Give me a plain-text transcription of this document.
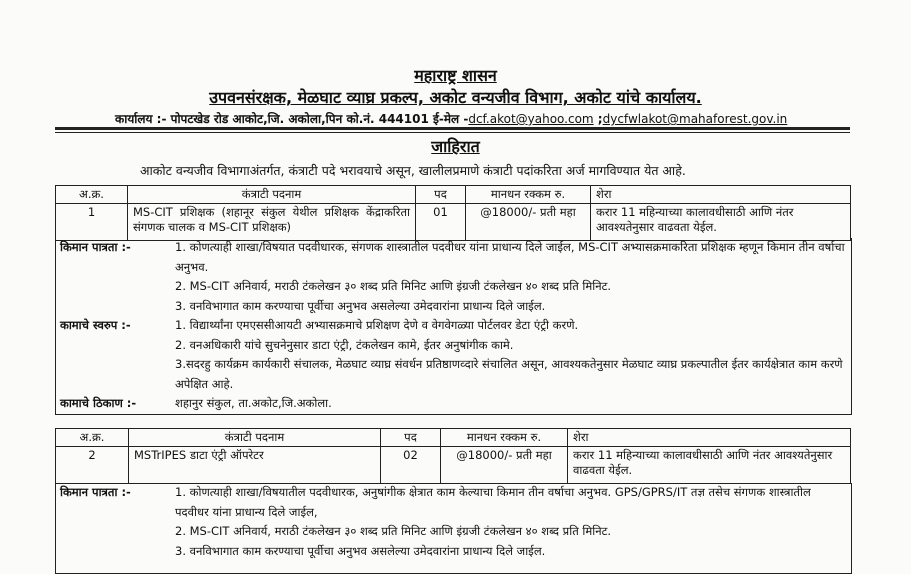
महाराष्ट्र शासन
उपवनसंरक्षक, मेळघाट व्याघ्र प्रकल्प, अकोट वन्यजीव विभाग, अकोट यांचे कार्यालय.
कार्यालय :- पोपटखेड रोड आकोट,जि. अकोला,पिन को.नं. 444101 ई-मेल -dcf.akot@yahoo.com ;dycfwlakot@mahaforest.gov.in
जाहिरात
आकोट वन्यजीव विभागाअंतर्गत, कंत्राटी पदे भरावयाचे असून, खालीलप्रमाणे कंत्राटी पदांकरिता अर्ज मागविण्यात येत आहे.
अ.क्र.	कंत्राटी पदनाम	पद	मानधन रक्कम रु.	शेरा
1	MS-CIT प्रशिक्षक (शहानूर संकुल येथील प्रशिक्षक केंद्राकरिता संगणक चालक व MS-CIT प्रशिक्षक)	01	@18000/- प्रती महा	करार 11 महिन्याच्या कालावधीसाठी आणि नंतर आवश्यतेनुसार वाढवता येईल.
किमान पात्रता :-	1. कोणत्याही शाखा/विषयात पदवीधारक, संगणक शास्त्रातील पदवीधर यांना प्राधान्य दिले जाईल, MS-CIT अभ्यासक्रमाकरिता प्रशिक्षक म्हणून किमान तीन वर्षाचा अनुभव.
2. MS-CIT अनिवार्य, मराठी टंकलेखन ३० शब्द प्रति मिनिट आणि इंग्रजी टंकलेखन ४० शब्द प्रति मिनिट.
3. वनविभागात काम करण्याचा पूर्वीचा अनुभव असलेल्या उमेदवारांना प्राधान्य दिले जाईल.
कामाचे स्वरुप :-	1. विद्यार्थ्यांना एमएससीआयटी अभ्यासक्रमाचे प्रशिक्षण देणे व वेगवेगळ्या पोर्टलवर डेटा एंट्री करणे.
2. वनअधिकारी यांचे सुचनेनुसार डाटा एंट्री, टंकलेखन कामे, ईतर अनुषांगीक कामे.
3.सदरहु कार्यक्रम कार्यकारी संचालक, मेळघाट व्याघ्र संवर्धन प्रतिष्ठाणव्दारे संचालित असून, आवश्यकतेनुसार मेळघाट व्याघ्र प्रकल्पातील ईतर कार्यक्षेत्रात काम करणे अपेक्षित आहे.
कामाचे ठिकाण :-	शहानुर संकुल, ता.अकोट,जि.अकोला.
अ.क्र.	कंत्राटी पदनाम	पद	मानधन रक्कम रु.	शेरा
2	MSTrIPES डाटा एंट्री ऑपरेटर	02	@18000/- प्रती महा	करार 11 महिन्याच्या कालावधीसाठी आणि नंतर आवश्यतेनुसार वाढवता येईल.
किमान पात्रता :-	1. कोणत्याही शाखा/विषयातील पदवीधारक, अनुषांगीक क्षेत्रात काम केल्याचा किमान तीन वर्षाचा अनुभव. GPS/GPRS/IT तज्ञ तसेच संगणक शास्त्रातील पदवीधर यांना प्राधान्य दिले जाईल,
2. MS-CIT अनिवार्य, मराठी टंकलेखन ३० शब्द प्रति मिनिट आणि इंग्रजी टंकलेखन ४० शब्द प्रति मिनिट.
3. वनविभागात काम करण्याचा पूर्वीचा अनुभव असलेल्या उमेदवारांना प्राधान्य दिले जाईल.
